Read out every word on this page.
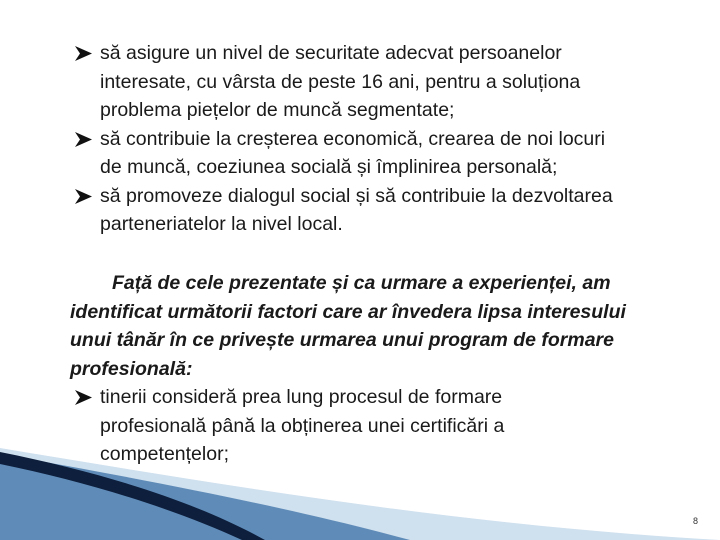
să asigure un nivel de securitate adecvat persoanelor
interesate, cu vârsta de peste 16 ani, pentru a soluționa
problema piețelor de muncă segmentate;
să contribuie la creșterea economică, crearea de noi locuri
de muncă, coeziunea socială și împlinirea personală;
să promoveze dialogul social și să contribuie la dezvoltarea
parteneriatelor la nivel local.

Față de cele prezentate și ca urmare a experienței, am
identificat următorii factori care ar învedera lipsa interesului
unui tânăr în ce privește urmarea unui program de formare
profesională:

tinerii consideră prea lung procesul de formare
profesională până la obținerea unei certificări a
competențelor;
8
